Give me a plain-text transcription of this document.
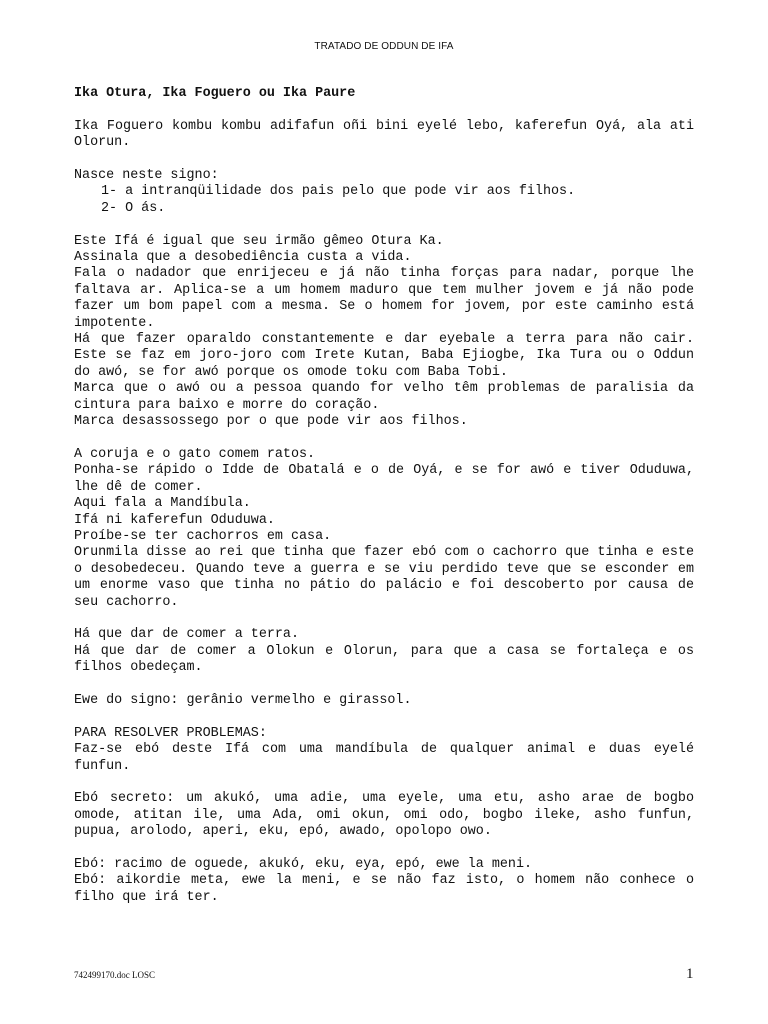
TRATADO DE ODDUN DE IFA

Ika Otura, Ika Foguero ou Ika Paure

Ika Foguero kombu kombu adifafun oñi bini eyelé lebo, kaferefun Oyá, ala ati Olorun.

Nasce neste signo:
1- a intranqüilidade dos pais pelo que pode vir aos filhos.
2- O ás.

Este Ifá é igual que seu irmão gêmeo Otura Ka.
Assinala que a desobediência custa a vida.
Fala o nadador que enrijeceu e já não tinha forças para nadar, porque lhe faltava ar. Aplica-se a um homem maduro que tem mulher jovem e já não pode fazer um bom papel com a mesma. Se o homem for jovem, por este caminho está impotente.
Há que fazer oparaldo constantemente e dar eyebale a terra para não cair. Este se faz em joro-joro com Irete Kutan, Baba Ejiogbe, Ika Tura ou o Oddun do awó, se for awó porque os omode toku com Baba Tobi.
Marca que o awó ou a pessoa quando for velho têm problemas de paralisia da cintura para baixo e morre do coração.
Marca desassossego por o que pode vir aos filhos.

A coruja e o gato comem ratos.
Ponha-se rápido o Idde de Obatalá e o de Oyá, e se for awó e tiver Oduduwa, lhe dê de comer.
Aqui fala a Mandíbula.
Ifá ni kaferefun Oduduwa.
Proíbe-se ter cachorros em casa.
Orunmila disse ao rei que tinha que fazer ebó com o cachorro que tinha e este o desobedeceu. Quando teve a guerra e se viu perdido teve que se esconder em um enorme vaso que tinha no pátio do palácio e foi descoberto por causa de seu cachorro.

Há que dar de comer a terra.
Há que dar de comer a Olokun e Olorun, para que a casa se fortaleça e os filhos obedeçam.

Ewe do signo: gerânio vermelho e girassol.

PARA RESOLVER PROBLEMAS:
Faz-se ebó deste Ifá com uma mandíbula de qualquer animal e duas eyelé funfun.

Ebó secreto: um akukó, uma adie, uma eyele, uma etu, asho arae de bogbo omode, atitan ile, uma Ada, omi okun, omi odo, bogbo ileke, asho funfun, pupua, arolodo, aperi, eku, epó, awado, opolopo owo.

Ebó: racimo de oguede, akukó, eku, eya, epó, ewe la meni.
Ebó: aikordie meta, ewe la meni, e se não faz isto, o homem não conhece o filho que irá ter.

742499170.doc LOSC	1
